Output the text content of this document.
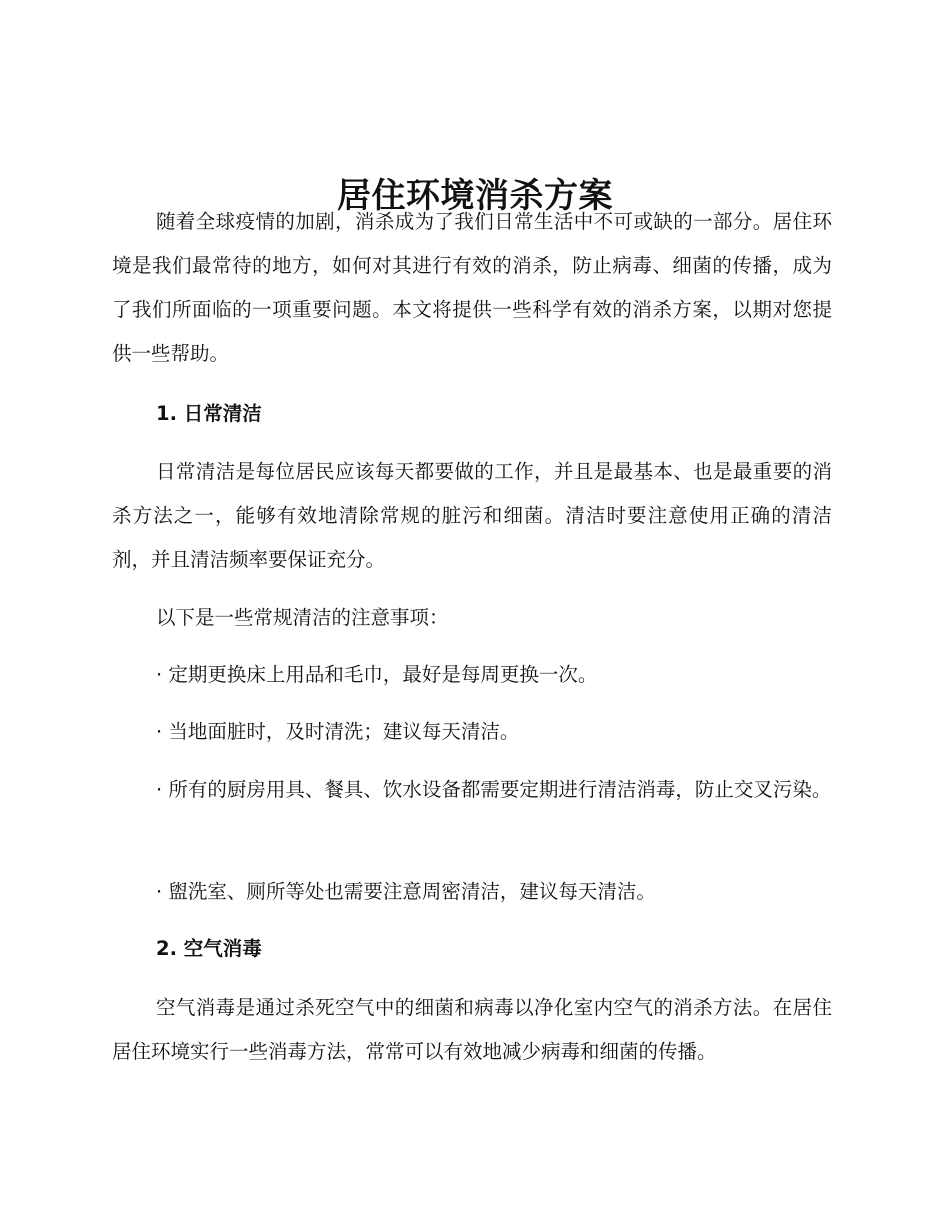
居住环境消杀方案

随着全球疫情的加剧，消杀成为了我们日常生活中不可或缺的一部分。居住环境是我们最常待的地方，如何对其进行有效的消杀，防止病毒、细菌的传播，成为了我们所面临的一项重要问题。本文将提供一些科学有效的消杀方案，以期对您提供一些帮助。

1. 日常清洁

日常清洁是每位居民应该每天都要做的工作，并且是最基本、也是最重要的消杀方法之一，能够有效地清除常规的脏污和细菌。清洁时要注意使用正确的清洁剂，并且清洁频率要保证充分。

以下是一些常规清洁的注意事项：

· 定期更换床上用品和毛巾，最好是每周更换一次。

· 当地面脏时，及时清洗；建议每天清洁。

· 所有的厨房用具、餐具、饮水设备都需要定期进行清洁消毒，防止交叉污染。

· 盥洗室、厕所等处也需要注意周密清洁，建议每天清洁。

2. 空气消毒

空气消毒是通过杀死空气中的细菌和病毒以净化室内空气的消杀方法。在居住居住环境实行一些消毒方法，常常可以有效地减少病毒和细菌的传播。
